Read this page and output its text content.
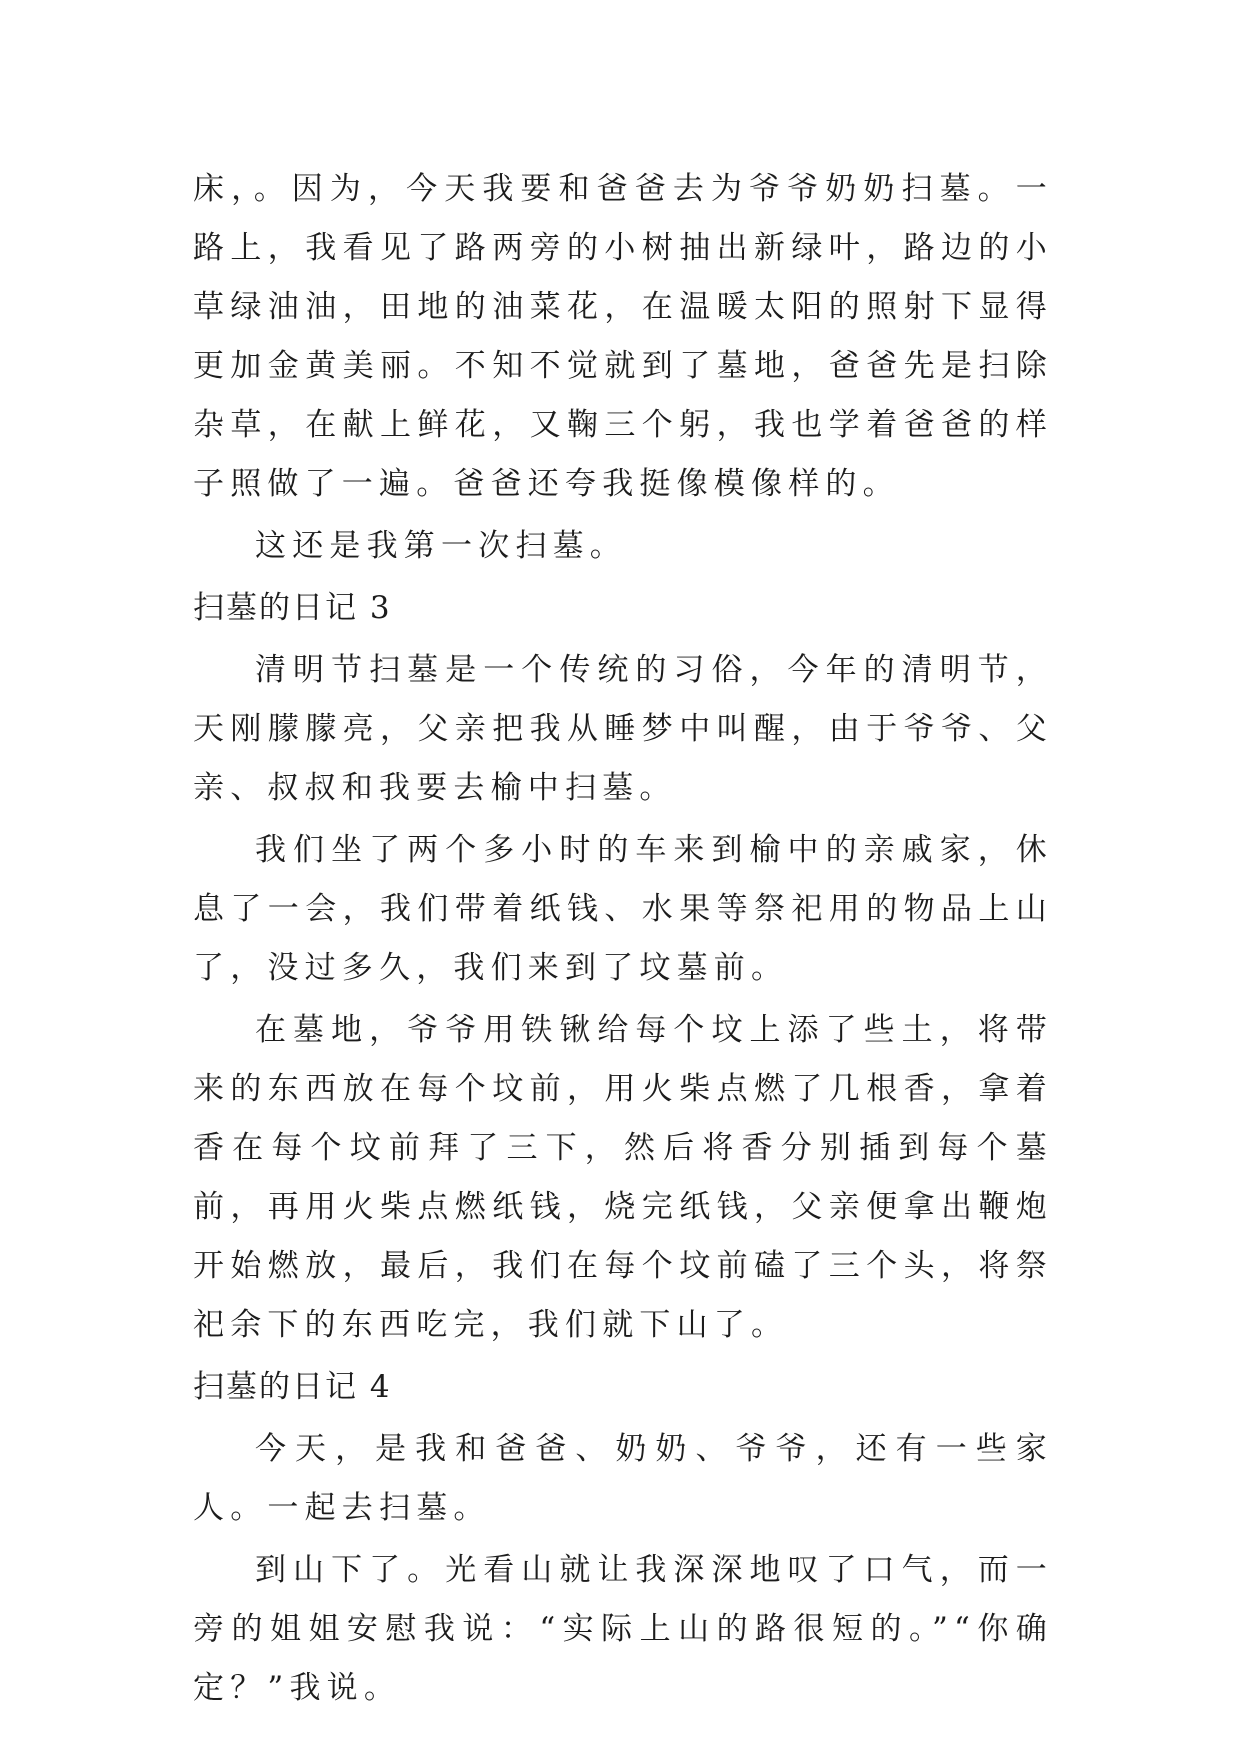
床，。因为，今天我要和爸爸去为爷爷奶奶扫墓。一路上，我看见了路两旁的小树抽出新绿叶，路边的小草绿油油，田地的油菜花，在温暖太阳的照射下显得更加金黄美丽。不知不觉就到了墓地，爸爸先是扫除杂草，在献上鲜花，又鞠三个躬，我也学着爸爸的样子照做了一遍。爸爸还夸我挺像模像样的。

这还是我第一次扫墓。

扫墓的日记 3

清明节扫墓是一个传统的习俗，今年的清明节，天刚朦朦亮，父亲把我从睡梦中叫醒，由于爷爷、父亲、叔叔和我要去榆中扫墓。

我们坐了两个多小时的车来到榆中的亲戚家，休息了一会，我们带着纸钱、水果等祭祀用的物品上山了，没过多久，我们来到了坟墓前。

在墓地，爷爷用铁锹给每个坟上添了些土，将带来的东西放在每个坟前，用火柴点燃了几根香，拿着香在每个坟前拜了三下，然后将香分别插到每个墓前，再用火柴点燃纸钱，烧完纸钱，父亲便拿出鞭炮开始燃放，最后，我们在每个坟前磕了三个头，将祭祀余下的东西吃完，我们就下山了。

扫墓的日记 4

今天，是我和爸爸、奶奶、爷爷，还有一些家人。一起去扫墓。

到山下了。光看山就让我深深地叹了口气，而一旁的姐姐安慰我说：“实际上山的路很短的。”“你确定？”我说。
